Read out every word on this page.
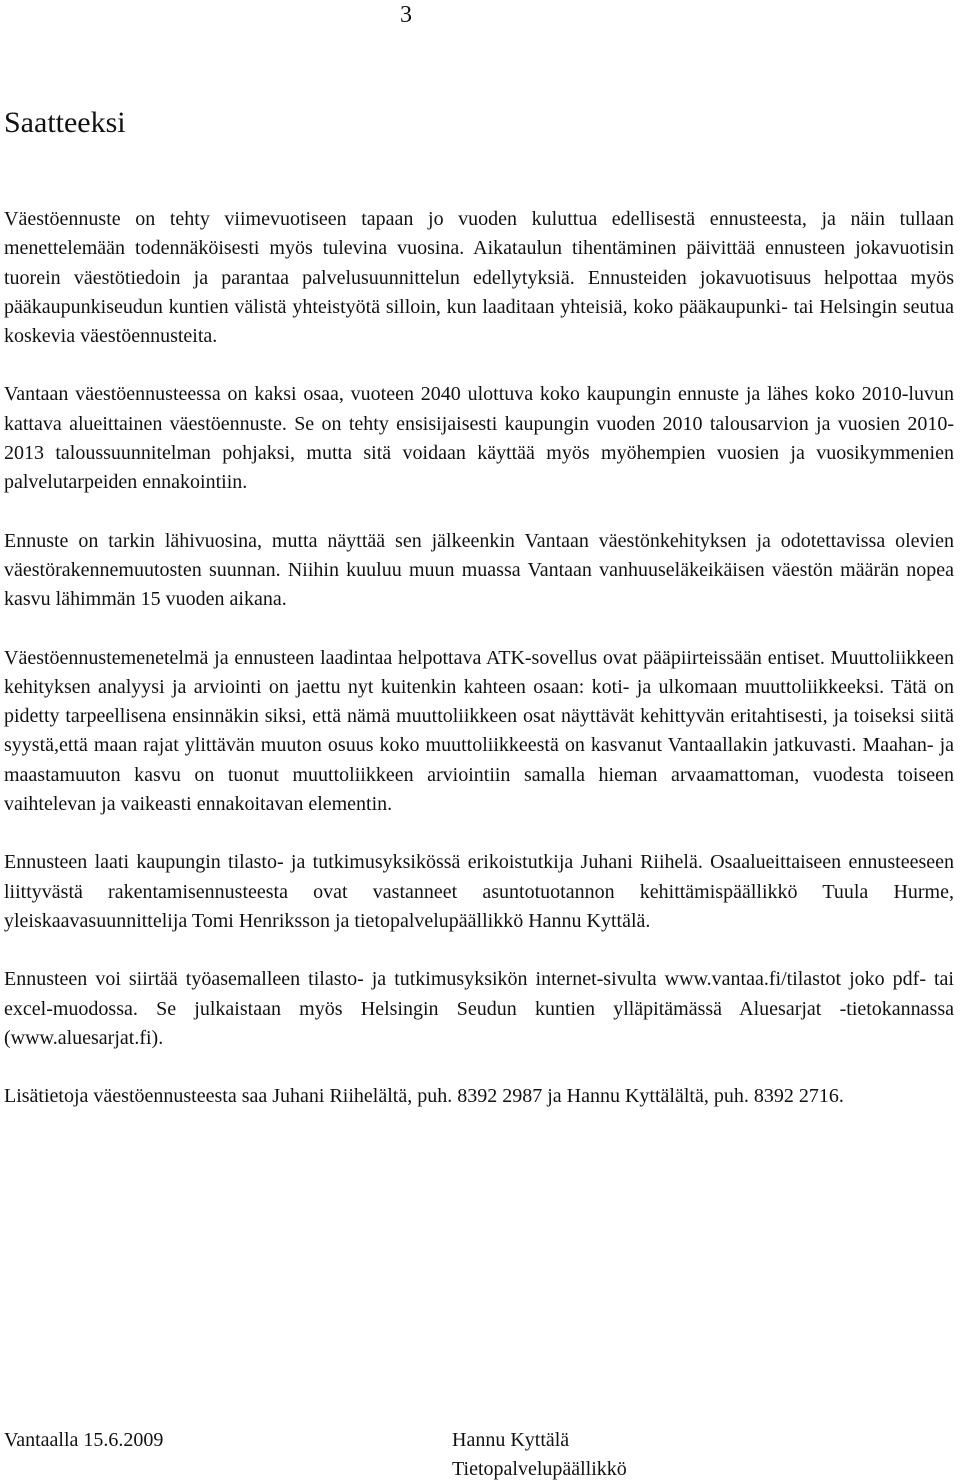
3
Saatteeksi

Väestöennuste on tehty viimevuotiseen tapaan jo vuoden kuluttua edellisestä ennusteesta, ja näin tullaan menettelemään todennäköisesti myös tulevina vuosina. Aikataulun tihentäminen päivittää ennusteen jokavuotisin tuorein väestötiedoin ja parantaa palvelusuunnittelun edellytyksiä. Ennusteiden jokavuotisuus helpottaa myös pääkaupunkiseudun kuntien välistä yhteistyötä silloin, kun laaditaan yhteisiä, koko pääkaupunki- tai Helsingin seutua koskevia väestöennusteita.

Vantaan väestöennusteessa on kaksi osaa, vuoteen 2040 ulottuva koko kaupungin ennuste ja lähes koko 2010-luvun kattava alueittainen väestöennuste. Se on tehty ensisijaisesti kaupungin vuoden 2010 talousarvion ja vuosien 2010-2013 taloussuunnitelman pohjaksi, mutta sitä voidaan käyttää myös myöhempien vuosien ja vuosikymmenien palvelutarpeiden ennakointiin.

Ennuste on tarkin lähivuosina, mutta näyttää sen jälkeenkin Vantaan väestönkehityksen ja odotettavissa olevien väestörakennemuutosten suunnan. Niihin kuuluu muun muassa Vantaan vanhuuseläkeikäisen väestön määrän nopea kasvu lähimmän 15 vuoden aikana.

Väestöennustemenetelmä ja ennusteen laadintaa helpottava ATK-sovellus ovat pääpiirteissään entiset. Muuttoliikkeen kehityksen analyysi ja arviointi on jaettu nyt kuitenkin kahteen osaan: koti- ja ulkomaan muuttoliikkeeksi. Tätä on pidetty tarpeellisena ensinnäkin siksi, että nämä muuttoliikkeen osat näyttävät kehittyvän eritahtisesti, ja toiseksi siitä syystä,että maan rajat ylittävän muuton osuus koko muuttoliikkeestä on kasvanut Vantaallakin jatkuvasti. Maahan- ja maastamuuton kasvu on tuonut muuttoliikkeen arviointiin samalla hieman arvaamattoman, vuodesta toiseen vaihtelevan ja vaikeasti ennakoitavan elementin.

Ennusteen laati kaupungin tilasto- ja tutkimusyksikössä erikoistutkija Juhani Riihelä. Osaalueittaiseen ennusteeseen liittyvästä rakentamisennusteesta ovat vastanneet asuntotuotannon kehittämispäällikkö Tuula Hurme, yleiskaavasuunnittelija Tomi Henriksson ja tietopalvelupäällikkö Hannu Kyttälä.

Ennusteen voi siirtää työasemalleen tilasto- ja tutkimusyksikön internet-sivulta www.vantaa.fi/tilastot joko pdf- tai excel-muodossa. Se julkaistaan myös Helsingin Seudun kuntien ylläpitämässä Aluesarjat -tietokannassa (www.aluesarjat.fi).

Lisätietoja väestöennusteesta saa Juhani Riihelältä, puh. 8392 2987 ja Hannu Kyttälältä, puh. 8392 2716.

Vantaalla 15.6.2009	Hannu Kyttälä
Tietopalvelupäällikkö
